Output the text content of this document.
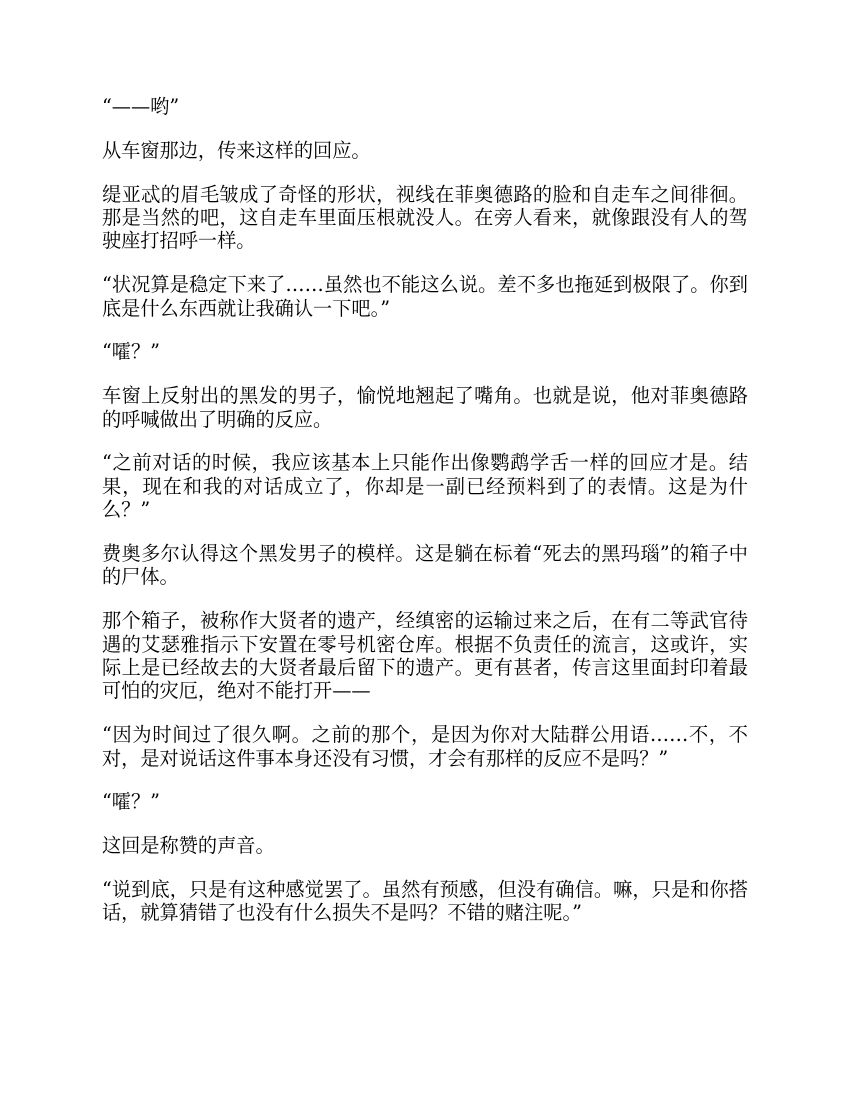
“——哟”

从车窗那边，传来这样的回应。

缇亚忒的眉毛皱成了奇怪的形状，视线在菲奥德路的脸和自走车之间徘徊。那是当然的吧，这自走车里面压根就没人。在旁人看来，就像跟没有人的驾驶座打招呼一样。

“状况算是稳定下来了……虽然也不能这么说。差不多也拖延到极限了。你到底是什么东西就让我确认一下吧。”

“嚯？”

车窗上反射出的黑发的男子，愉悦地翘起了嘴角。也就是说，他对菲奥德路的呼喊做出了明确的反应。

“之前对话的时候，我应该基本上只能作出像鹦鹉学舌一样的回应才是。结果，现在和我的对话成立了，你却是一副已经预料到了的表情。这是为什么？”

费奥多尔认得这个黑发男子的模样。这是躺在标着“死去的黑玛瑙”的箱子中的尸体。

那个箱子，被称作大贤者的遗产，经缜密的运输过来之后，在有二等武官待遇的艾瑟雅指示下安置在零号机密仓库。根据不负责任的流言，这或许，实际上是已经故去的大贤者最后留下的遗产。更有甚者，传言这里面封印着最可怕的灾厄，绝对不能打开——

“因为时间过了很久啊。之前的那个，是因为你对大陆群公用语……不，不对，是对说话这件事本身还没有习惯，才会有那样的反应不是吗？”

“嚯？”

这回是称赞的声音。

“说到底，只是有这种感觉罢了。虽然有预感，但没有确信。嘛，只是和你搭话，就算猜错了也没有什么损失不是吗？不错的赌注呢。”
